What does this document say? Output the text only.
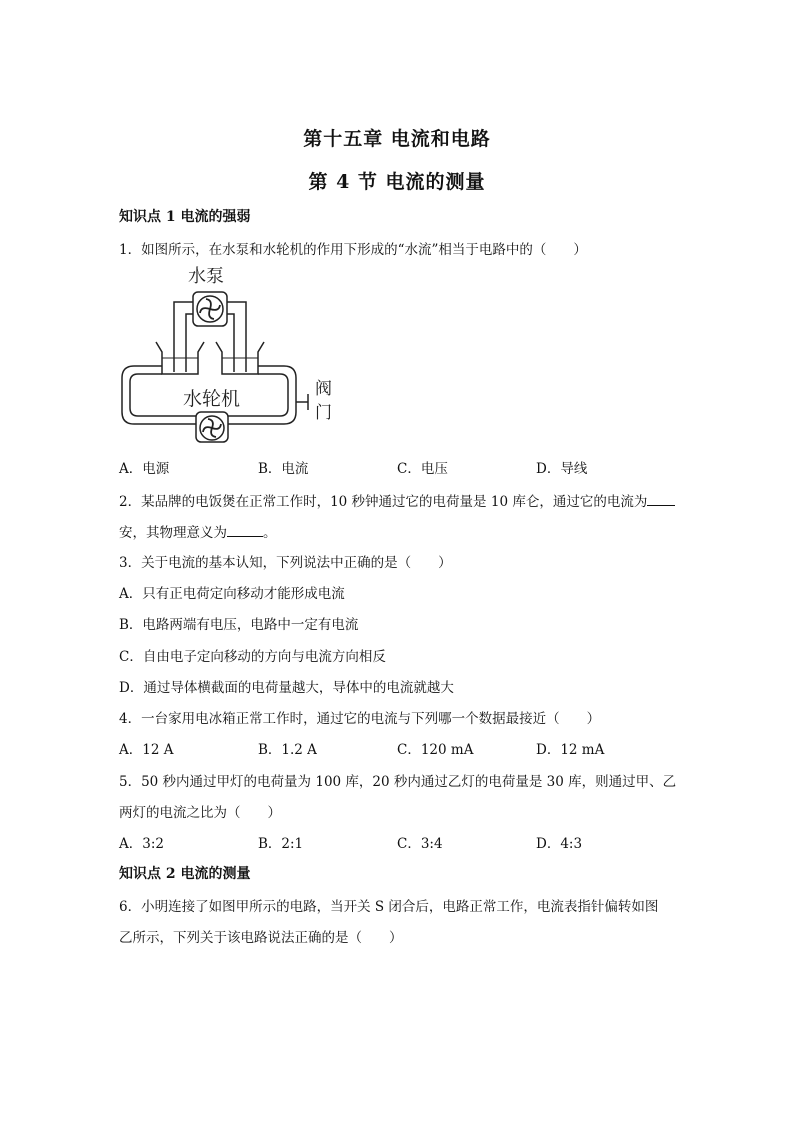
第十五章 电流和电路
第 4 节 电流的测量
知识点 1 电流的强弱
1．如图所示，在水泵和水轮机的作用下形成的“水流”相当于电路中的（　　）
水泵
阀
门
水轮机
A．电源	B．电流	C．电压	D．导线
2．某品牌的电饭煲在正常工作时，10 秒钟通过它的电荷量是 10 库仑，通过它的电流为
安，其物理意义为	。
3．关于电流的基本认知，下列说法中正确的是（　　）
A．只有正电荷定向移动才能形成电流
B．电路两端有电压，电路中一定有电流
C．自由电子定向移动的方向与电流方向相反
D．通过导体横截面的电荷量越大，导体中的电流就越大
4．一台家用电冰箱正常工作时，通过它的电流与下列哪一个数据最接近（　　）
A．12 A	B．1.2 A	C．120 mA	D．12 mA
5．50 秒内通过甲灯的电荷量为 100 库，20 秒内通过乙灯的电荷量是 30 库，则通过甲、乙
两灯的电流之比为（　　）
A．3:2	B．2:1	C．3:4	D．4:3
知识点 2 电流的测量
6．小明连接了如图甲所示的电路，当开关 S 闭合后，电路正常工作，电流表指针偏转如图
乙所示，下列关于该电路说法正确的是（　　）
